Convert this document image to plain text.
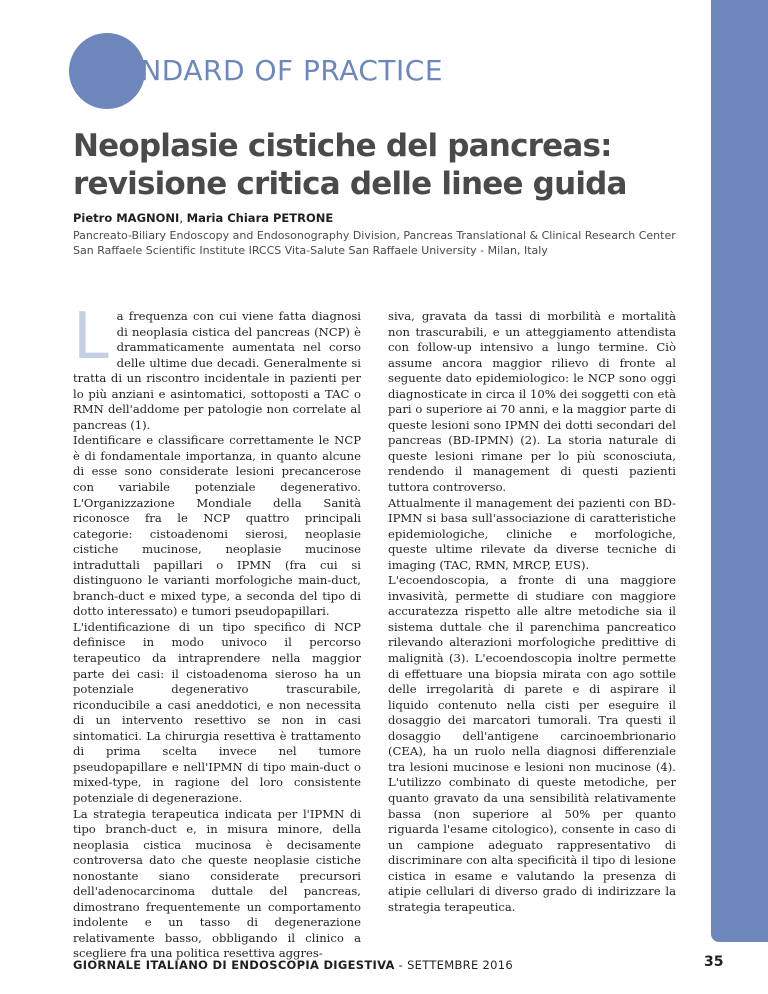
standard of practice
STANDARD OF PRACTICE
Neoplasie cistiche del pancreas:
revisione critica delle linee guida
Pietro MAGNONI, Maria Chiara PETRONE
Pancreato-Biliary Endoscopy and Endosonography Division, Pancreas Translational & Clinical Research Center
San Raffaele Scientific Institute IRCCS Vita-Salute San Raffaele University - Milan, Italy

La frequenza con cui viene fatta diagnosi di neoplasia cistica del pancreas (NCP) è drammaticamente aumentata nel corso delle ultime due decadi. Generalmente si tratta di un riscontro incidentale in pazienti per lo più anziani e asintomatici, sottoposti a TAC o RMN dell'addome per patologie non correlate al pancreas (1).

Identificare e classificare correttamente le NCP è di fondamentale importanza, in quanto alcune di esse sono considerate lesioni precancerose con variabile potenziale degenerativo. L'Organizzazione Mondiale della Sanità riconosce fra le NCP quattro principali categorie: cistoadenomi sierosi, neoplasie cistiche mucinose, neoplasie mucinose intraduttali papillari o IPMN (fra cui si distinguono le varianti morfologiche main-duct, branch-duct e mixed type, a seconda del tipo di dotto interessato) e tumori pseudopapillari.

L'identificazione di un tipo specifico di NCP definisce in modo univoco il percorso terapeutico da intraprendere nella maggior parte dei casi: il cistoadenoma sieroso ha un potenziale degenerativo trascurabile, riconducibile a casi aneddotici, e non necessita di un intervento resettivo se non in casi sintomatici. La chirurgia resettiva è trattamento di prima scelta invece nel tumore pseudopapillare e nell'IPMN di tipo main-duct o mixed-type, in ragione del loro consistente potenziale di degenerazione.

La strategia terapeutica indicata per l'IPMN di tipo branch-duct e, in misura minore, della neoplasia cistica mucinosa è decisamente controversa dato che queste neoplasie cistiche nonostante siano considerate precursori dell'adenocarcinoma duttale del pancreas, dimostrano frequentemente un comportamento indolente e un tasso di degenerazione relativamente basso, obbligando il clinico a scegliere fra una politica resettiva aggres-

siva, gravata da tassi di morbilità e mortalità non trascurabili, e un atteggiamento attendista con follow-up intensivo a lungo termine. Ciò assume ancora maggior rilievo di fronte al seguente dato epidemiologico: le NCP sono oggi diagnosticate in circa il 10% dei soggetti con età pari o superiore ai 70 anni, e la maggior parte di queste lesioni sono IPMN dei dotti secondari del pancreas (BD-IPMN) (2). La storia naturale di queste lesioni rimane per lo più sconosciuta, rendendo il management di questi pazienti tuttora controverso.

Attualmente il management dei pazienti con BD-IPMN si basa sull'associazione di caratteristiche epidemiologiche, cliniche e morfologiche, queste ultime rilevate da diverse tecniche di imaging (TAC, RMN, MRCP, EUS).

L'ecoendoscopia, a fronte di una maggiore invasività, permette di studiare con maggiore accuratezza rispetto alle altre metodiche sia il sistema duttale che il parenchima pancreatico rilevando alterazioni morfologiche predittive di malignità (3). L'ecoendoscopia inoltre permette di effettuare una biopsia mirata con ago sottile delle irregolarità di parete e di aspirare il liquido contenuto nella cisti per eseguire il dosaggio dei marcatori tumorali. Tra questi il dosaggio dell'antigene carcinoembrionario (CEA), ha un ruolo nella diagnosi differenziale tra lesioni mucinose e lesioni non mucinose (4). L'utilizzo combinato di queste metodiche, per quanto gravato da una sensibilità relativamente bassa (non superiore al 50% per quanto riguarda l'esame citologico), consente in caso di un campione adeguato rappresentativo di discriminare con alta specificità il tipo di lesione cistica in esame e valutando la presenza di atipie cellulari di diverso grado di indirizzare la strategia terapeutica.

GIORNALE ITALIANO DI ENDOSCOPIA DIGESTIVA - SETTEMBRE 2016	35
